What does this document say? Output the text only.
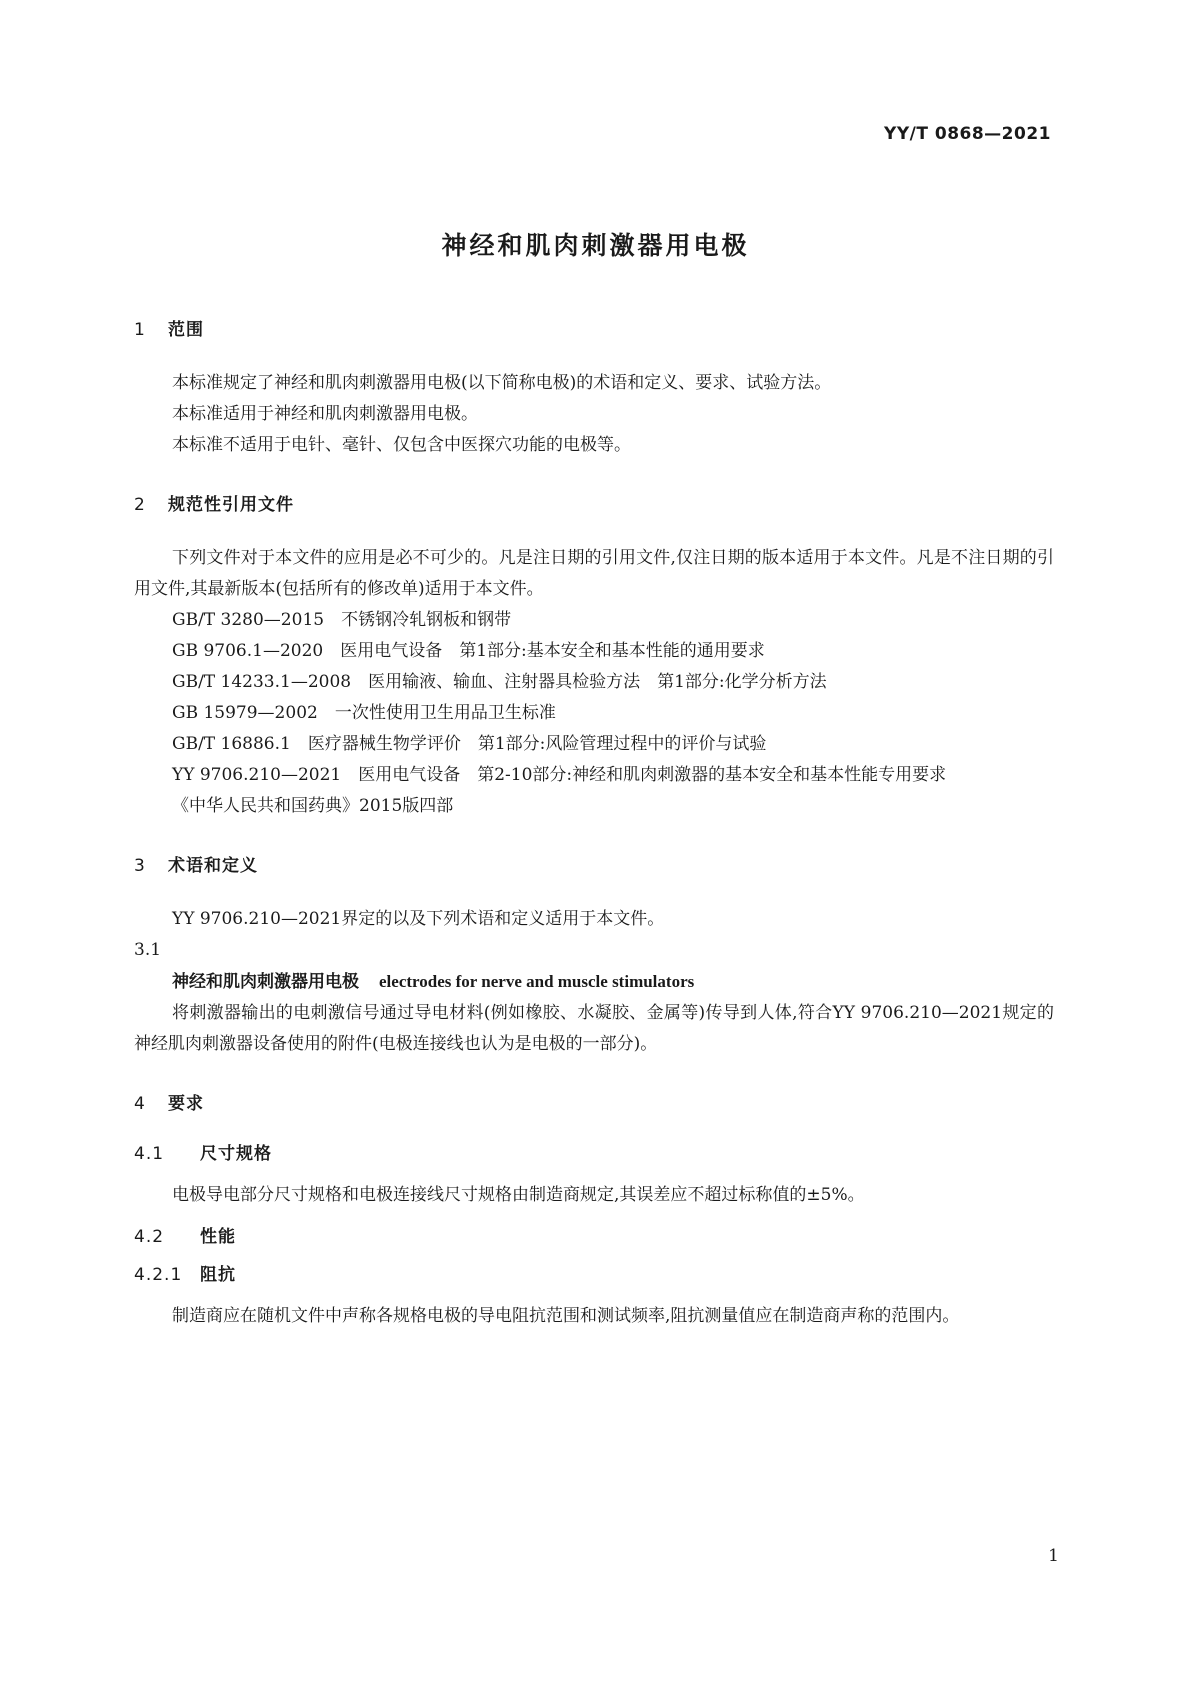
YY/T 0868—2021
神经和肌肉刺激器用电极
1 范围
本标准规定了神经和肌肉刺激器用电极(以下简称电极)的术语和定义、要求、试验方法。
本标准适用于神经和肌肉刺激器用电极。
本标准不适用于电针、毫针、仅包含中医探穴功能的电极等。
2 规范性引用文件
下列文件对于本文件的应用是必不可少的。凡是注日期的引用文件,仅注日期的版本适用于本文件。凡是不注日期的引用文件,其最新版本(包括所有的修改单)适用于本文件。
GB/T 3280—2015　不锈钢冷轧钢板和钢带
GB 9706.1—2020　医用电气设备　第1部分:基本安全和基本性能的通用要求
GB/T 14233.1—2008　医用输液、输血、注射器具检验方法　第1部分:化学分析方法
GB 15979—2002　一次性使用卫生用品卫生标准
GB/T 16886.1　医疗器械生物学评价　第1部分:风险管理过程中的评价与试验
YY 9706.210—2021　医用电气设备　第2-10部分:神经和肌肉刺激器的基本安全和基本性能专用要求
《中华人民共和国药典》2015版四部
3 术语和定义
YY 9706.210—2021界定的以及下列术语和定义适用于本文件。
3.1
神经和肌肉刺激器用电极 electrodes for nerve and muscle stimulators
将刺激器输出的电刺激信号通过导电材料(例如橡胶、水凝胶、金属等)传导到人体,符合YY 9706.210—2021规定的神经肌肉刺激器设备使用的附件(电极连接线也认为是电极的一部分)。
4 要求
4.1 尺寸规格
电极导电部分尺寸规格和电极连接线尺寸规格由制造商规定,其误差应不超过标称值的±5%。
4.2 性能
4.2.1 阻抗
制造商应在随机文件中声称各规格电极的导电阻抗范围和测试频率,阻抗测量值应在制造商声称的范围内。
1
